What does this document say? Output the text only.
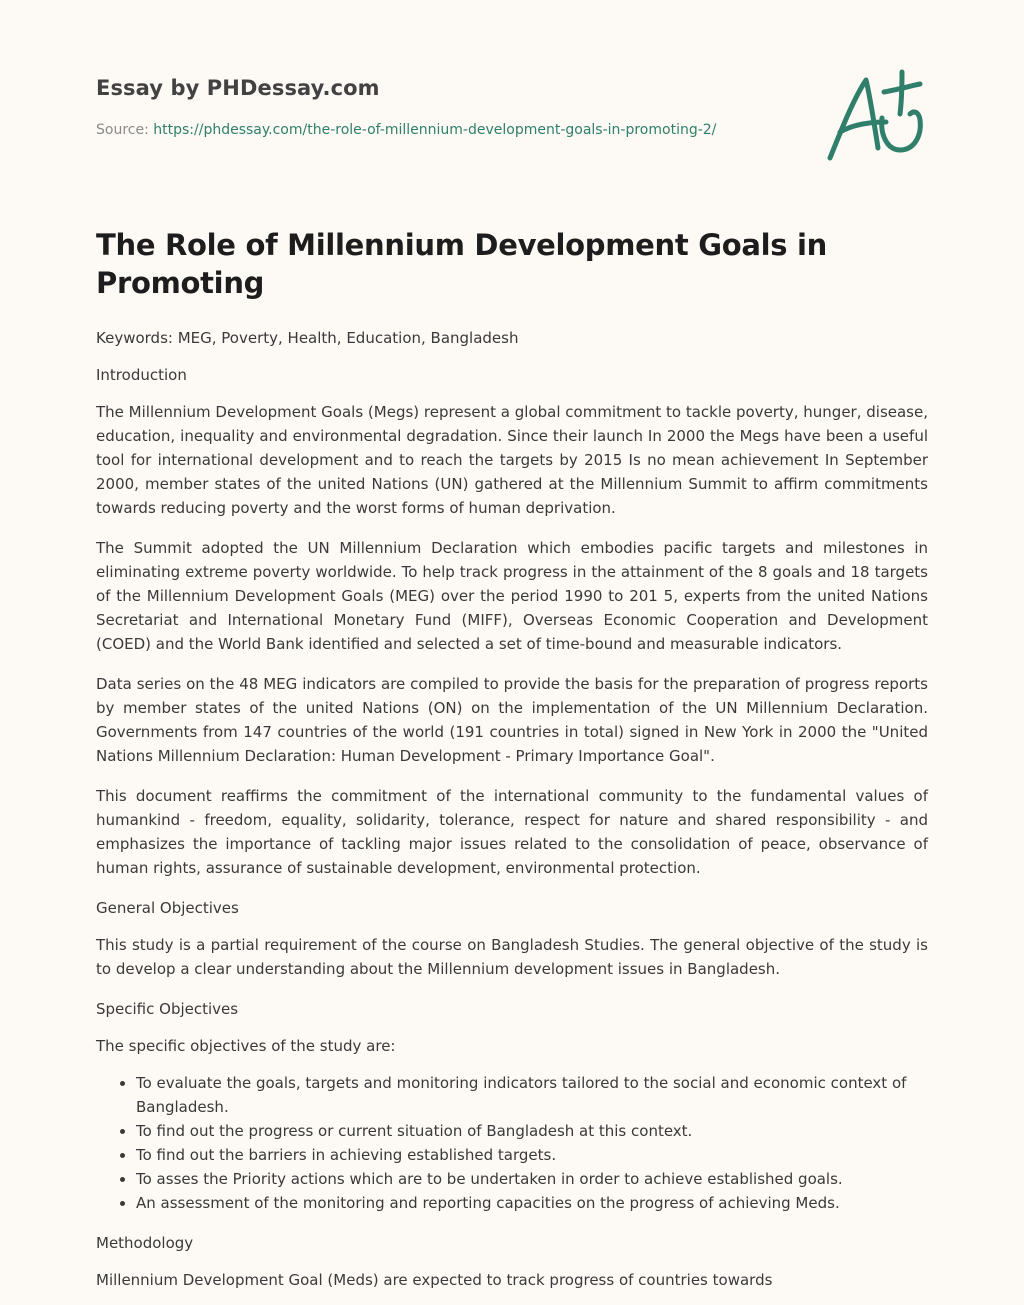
Essay by PHDessay.com
Source: https://phdessay.com/the-role-of-millennium-development-goals-in-promoting-2/
The Role of Millennium Development Goals in Promoting

Keywords: MEG, Poverty, Health, Education, Bangladesh

Introduction

The Millennium Development Goals (Megs) represent a global commitment to tackle poverty, hunger, disease, education, inequality and environmental degradation. Since their launch In 2000 the Megs have been a useful tool for international development and to reach the targets by 2015 Is no mean achievement In September 2000, member states of the united Nations (UN) gathered at the Millennium Summit to affirm commitments towards reducing poverty and the worst forms of human deprivation.

The Summit adopted the UN Millennium Declaration which embodies pacific targets and milestones in eliminating extreme poverty worldwide. To help track progress in the attainment of the 8 goals and 18 targets of the Millennium Development Goals (MEG) over the period 1990 to 201 5, experts from the united Nations Secretariat and International Monetary Fund (MIFF), Overseas Economic Cooperation and Development (COED) and the World Bank identified and selected a set of time-bound and measurable indicators.

Data series on the 48 MEG indicators are compiled to provide the basis for the preparation of progress reports by member states of the united Nations (ON) on the implementation of the UN Millennium Declaration. Governments from 147 countries of the world (191 countries in total) signed in New York in 2000 the "United Nations Millennium Declaration: Human Development - Primary Importance Goal".

This document reaffirms the commitment of the international community to the fundamental values of humankind - freedom, equality, solidarity, tolerance, respect for nature and shared responsibility - and emphasizes the importance of tackling major issues related to the consolidation of peace, observance of human rights, assurance of sustainable development, environmental protection.

General Objectives

This study is a partial requirement of the course on Bangladesh Studies. The general objective of the study is to develop a clear understanding about the Millennium development issues in Bangladesh.

Specific Objectives

The specific objectives of the study are:

• To evaluate the goals, targets and monitoring indicators tailored to the social and economic context of Bangladesh.
• To find out the progress or current situation of Bangladesh at this context.
• To find out the barriers in achieving established targets.
• To asses the Priority actions which are to be undertaken in order to achieve established goals.
• An assessment of the monitoring and reporting capacities on the progress of achieving Meds.

Methodology

Millennium Development Goal (Meds) are expected to track progress of countries towards
